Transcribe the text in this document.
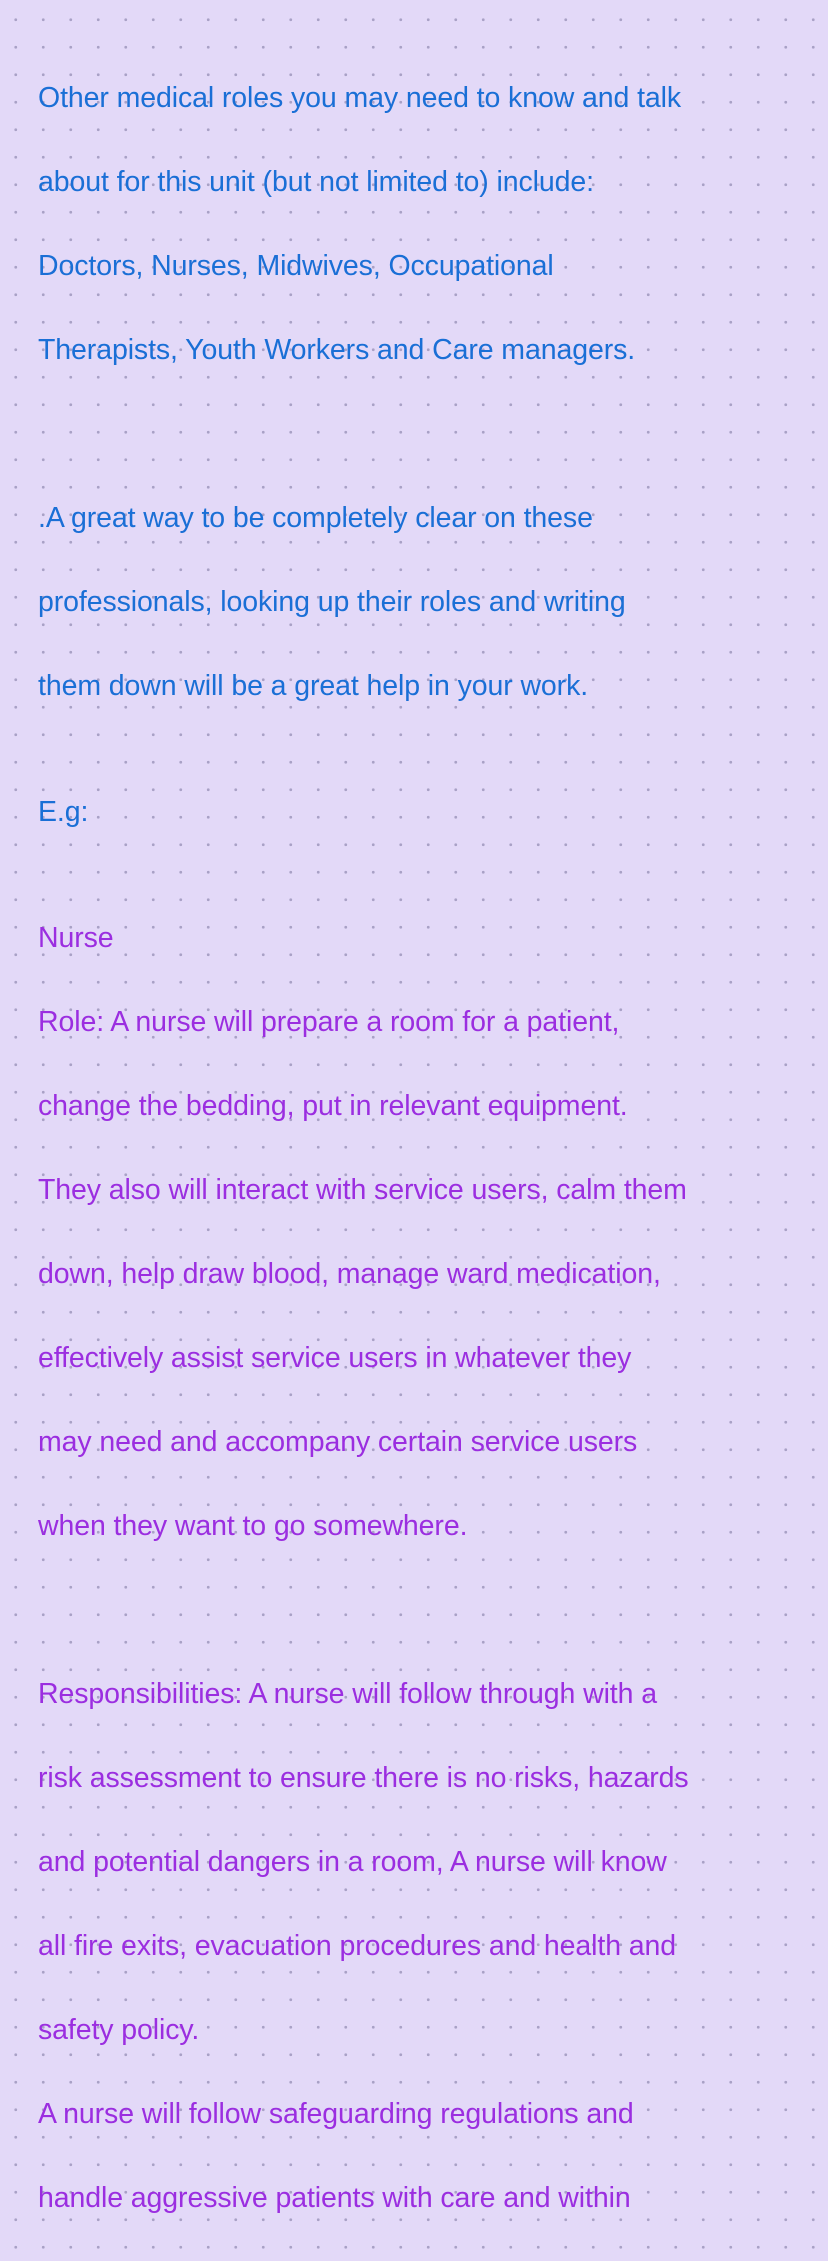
Other medical roles you may need to know and talk

about for this unit (but not limited to) include:

Doctors, Nurses, Midwives, Occupational

Therapists, Youth Workers and Care managers.

.A great way to be completely clear on these

professionals, looking up their roles and writing

them down will be a great help in your work.

E.g:

Nurse

Role: A nurse will prepare a room for a patient,

change the bedding, put in relevant equipment.

They also will interact with service users, calm them

down, help draw blood, manage ward medication,

effectively assist service users in whatever they

may need and accompany certain service users

when they want to go somewhere.

Responsibilities: A nurse will follow through with a

risk assessment to ensure there is no risks, hazards

and potential dangers in a room, A nurse will know

all fire exits, evacuation procedures and health and

safety policy.

A nurse will follow safeguarding regulations and

handle aggressive patients with care and within
